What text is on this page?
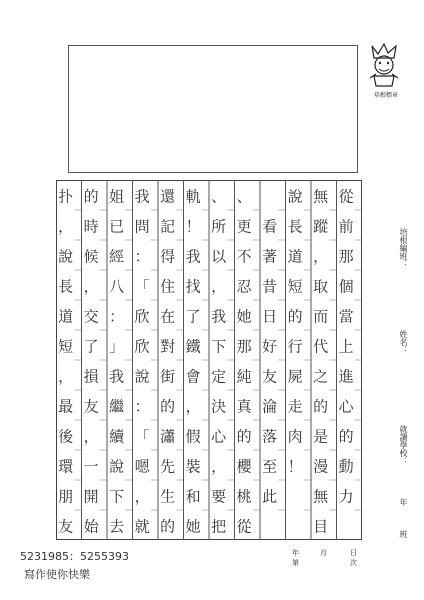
培根標章
從
前
那
個
當
上
進
心
的
動
力
無
蹤
，
取
而
代
之
的
是
漫
無
目
說
長
道
短
的
行
屍
走
肉
！
看
著
昔
日
好
友
淪
落
至
此
、
更
不
忍
她
那
純
真
的
櫻
桃
從
、
所
以
，
我
下
定
決
心
，
要
把
軌
！
我
找
了
鐵
會
，
假
裝
和
她
還
記
得
住
在
對
街
的
瀟
先
生
的
我
問
：
「
欣
欣
說
：
「
嗯
，
就
姐
已
經
八
：
」
我
繼
續
說
下
去
的
時
候
，
交
了
損
友
，
一
開
始
扑
，
說
長
道
短
，
最
後
環
朋
友
培根編班：
姓名：
就讀學校：
年
班
年	月	日
第	次
5231985：5255393
寫作使你快樂
